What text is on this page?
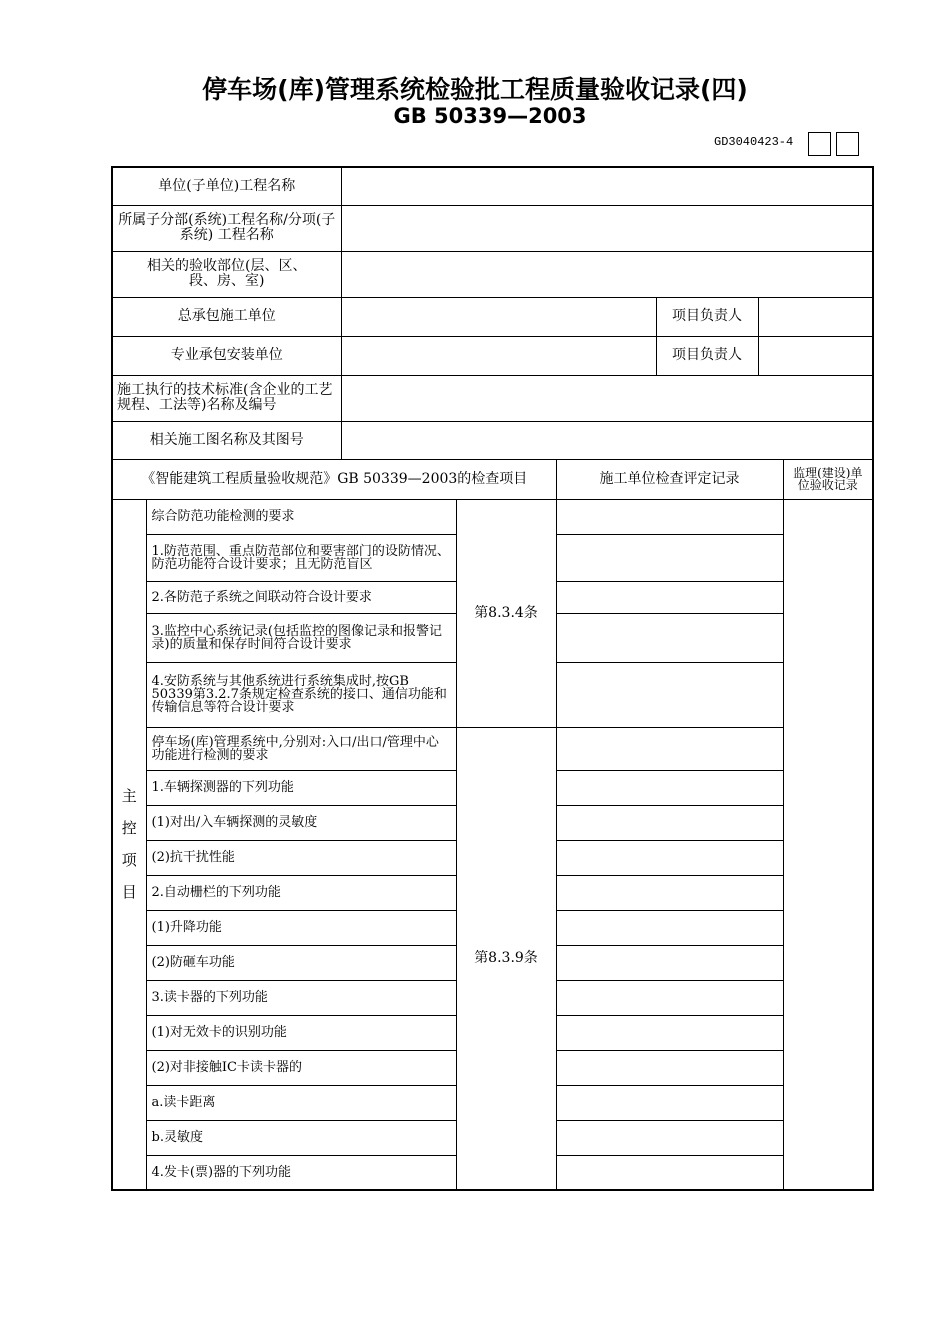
停车场(库)管理系统检验批工程质量验收记录(四)
GB 50339—2003
GD3040423-4
单位(子单位)工程名称							
所属子分部(系统)工程名称/分项(子系统) 工程名称							
相关的验收部位(层、区、段、房、室)							
总承包施工单位					项目负责人		
专业承包安装单位					项目负责人		
施工执行的技术标准(含企业的工艺规程、工法等)名称及编号							
相关施工图名称及其图号							
《智能建筑工程质量验收规范》GB 50339—2003的检查项目				施工单位检查评定记录			监理(建设)单位验收记录
主控项目	综合防范功能检测的要求		第8.3.4条				
	1.防范范围、重点防范部位和要害部门的设防情况、防范功能符合设计要求；且无防范盲区						
	2.各防范子系统之间联动符合设计要求						
	3.监控中心系统记录(包括监控的图像记录和报警记录)的质量和保存时间符合设计要求						
	4.安防系统与其他系统进行系统集成时,按GB 50339第3.2.7条规定检查系统的接口、通信功能和传输信息等符合设计要求						
	停车场(库)管理系统中,分别对:入口/出口/管理中心功能进行检测的要求		第8.3.9条				
	1.车辆探测器的下列功能						
	(1)对出/入车辆探测的灵敏度						
	(2)抗干扰性能						
	2.自动栅栏的下列功能						
	(1)升降功能						
	(2)防砸车功能						
	3.读卡器的下列功能						
	(1)对无效卡的识别功能						
	(2)对非接触IC卡读卡器的						
	a.读卡距离						
	b.灵敏度						
	4.发卡(票)器的下列功能						
